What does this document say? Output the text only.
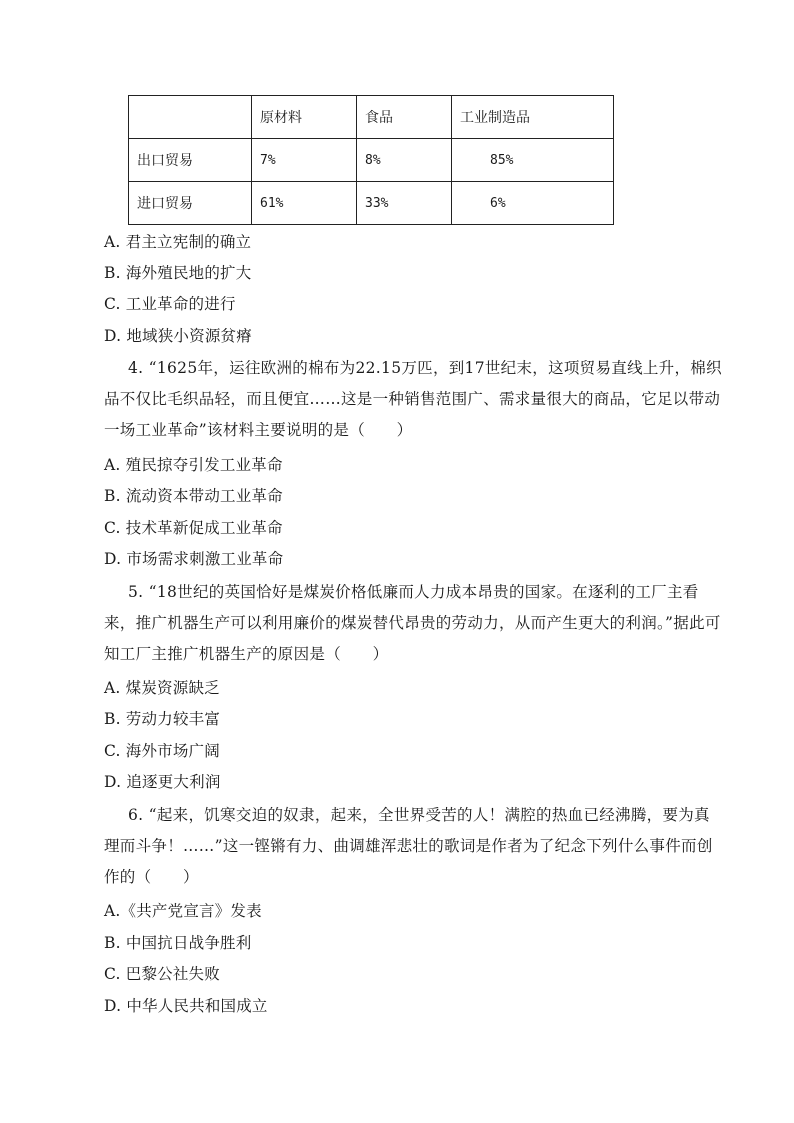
	原材料	食品	工业制造品
出口贸易	7%	8%	85%
进口贸易	61%	33%	6%
A. 君主立宪制的确立
B. 海外殖民地的扩大
C. 工业革命的进行
D. 地域狭小资源贫瘠
4. “1625年，运往欧洲的棉布为22.15万匹，到17世纪末，这项贸易直线上升，棉织品不仅比毛织品轻，而且便宜……这是一种销售范围广、需求量很大的商品，它足以带动一场工业革命”该材料主要说明的是（　　）
A. 殖民掠夺引发工业革命
B. 流动资本带动工业革命
C. 技术革新促成工业革命
D. 市场需求刺激工业革命
5. “18世纪的英国恰好是煤炭价格低廉而人力成本昂贵的国家。在逐利的工厂主看来，推广机器生产可以利用廉价的煤炭替代昂贵的劳动力，从而产生更大的利润。”据此可知工厂主推广机器生产的原因是（　　）
A. 煤炭资源缺乏
B. 劳动力较丰富
C. 海外市场广阔
D. 追逐更大利润
6. “起来，饥寒交迫的奴隶，起来，全世界受苦的人！满腔的热血已经沸腾，要为真理而斗争！……”这一铿锵有力、曲调雄浑悲壮的歌词是作者为了纪念下列什么事件而创作的（　　）
A.《共产党宣言》发表
B. 中国抗日战争胜利
C. 巴黎公社失败
D. 中华人民共和国成立
